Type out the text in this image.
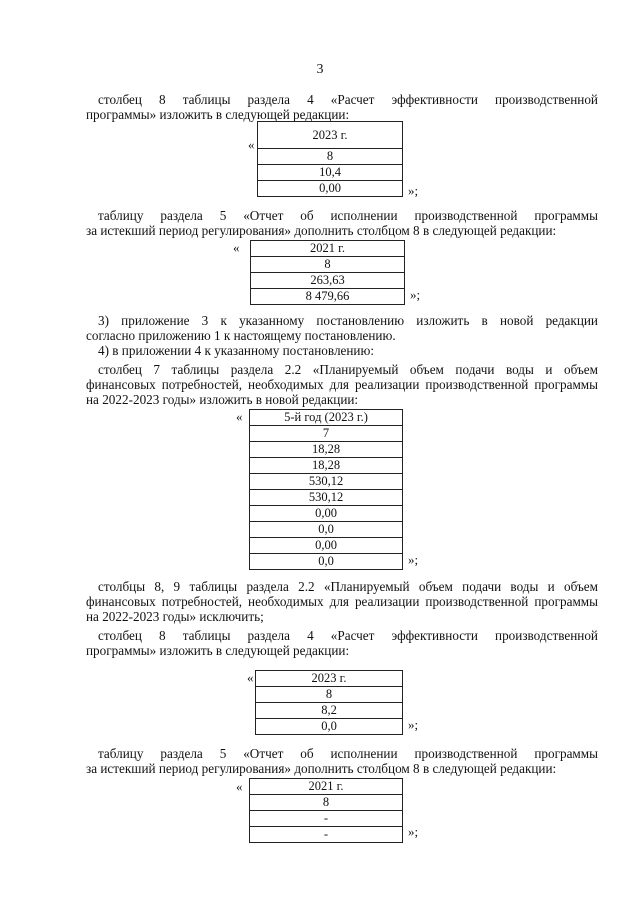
3

столбец 8 таблицы раздела 4 «Расчет эффективности производственной

программы» изложить в следующей редакции:

«
2023 г.
8
10,4
0,00	»;

таблицу раздела 5 «Отчет об исполнении производственной программы

за истекший период регулирования» дополнить столбцом 8 в следующей редакции:

«	2021 г.
8
263,63
8 479,66	»;

3) приложение 3 к указанному постановлению изложить в новой редакции

согласно приложению 1 к настоящему постановлению.

4) в приложении 4 к указанному постановлению:

столбец 7 таблицы раздела 2.2 «Планируемый объем подачи воды и объем

финансовых потребностей, необходимых для реализации производственной программы

на 2022-2023 годы» изложить в новой редакции:

«	5-й год (2023 г.)
7
18,28
18,28
530,12
530,12
0,00
0,0
0,00
0,0	»;

столбцы 8, 9 таблицы раздела 2.2 «Планируемый объем подачи воды и объем

финансовых потребностей, необходимых для реализации производственной программы

на 2022-2023 годы» исключить;

столбец 8 таблицы раздела 4 «Расчет эффективности производственной

программы» изложить в следующей редакции:

«	2023 г.
8
8,2
0,0	»;

таблицу раздела 5 «Отчет об исполнении производственной программы

за истекший период регулирования» дополнить столбцом 8 в следующей редакции:

«	2021 г.
8
-
-	»;
